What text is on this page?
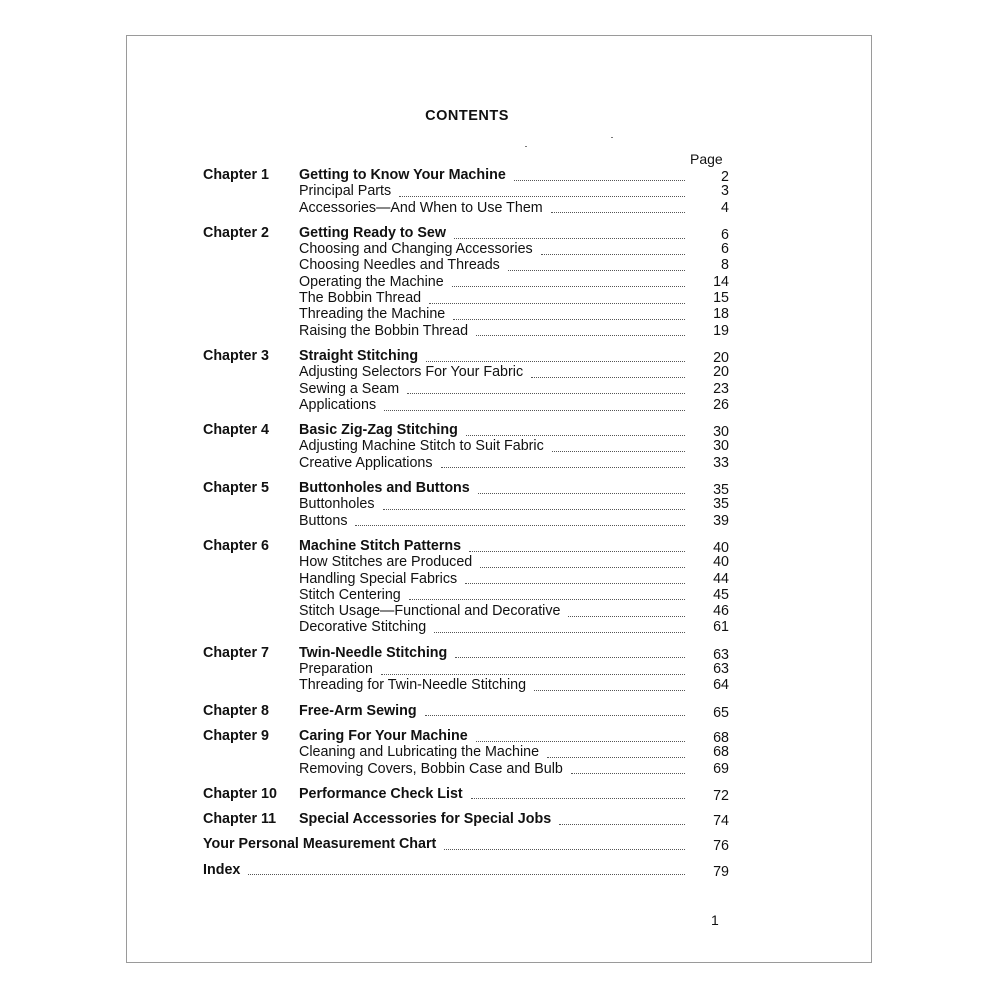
CONTENTS
Page
Chapter 1 Getting to Know Your Machine	2
Principal Parts	3
Accessories—And When to Use Them	4
Chapter 2 Getting Ready to Sew	6
Choosing and Changing Accessories	6
Choosing Needles and Threads	8
Operating the Machine	14
The Bobbin Thread	15
Threading the Machine	18
Raising the Bobbin Thread	19
Chapter 3 Straight Stitching	20
Adjusting Selectors For Your Fabric	20
Sewing a Seam	23
Applications	26
Chapter 4 Basic Zig-Zag Stitching	30
Adjusting Machine Stitch to Suit Fabric	30
Creative Applications	33
Chapter 5 Buttonholes and Buttons	35
Buttonholes	35
Buttons	39
Chapter 6 Machine Stitch Patterns	40
How Stitches are Produced	40
Handling Special Fabrics	44
Stitch Centering	45
Stitch Usage—Functional and Decorative	46
Decorative Stitching	61
Chapter 7 Twin-Needle Stitching	63
Preparation	63
Threading for Twin-Needle Stitching	64
Chapter 8 Free-Arm Sewing	65
Chapter 9 Caring For Your Machine	68
Cleaning and Lubricating the Machine	68
Removing Covers, Bobbin Case and Bulb	69
Chapter 10 Performance Check List	72
Chapter 11 Special Accessories for Special Jobs	74
Your Personal Measurement Chart	76
Index	79
1
